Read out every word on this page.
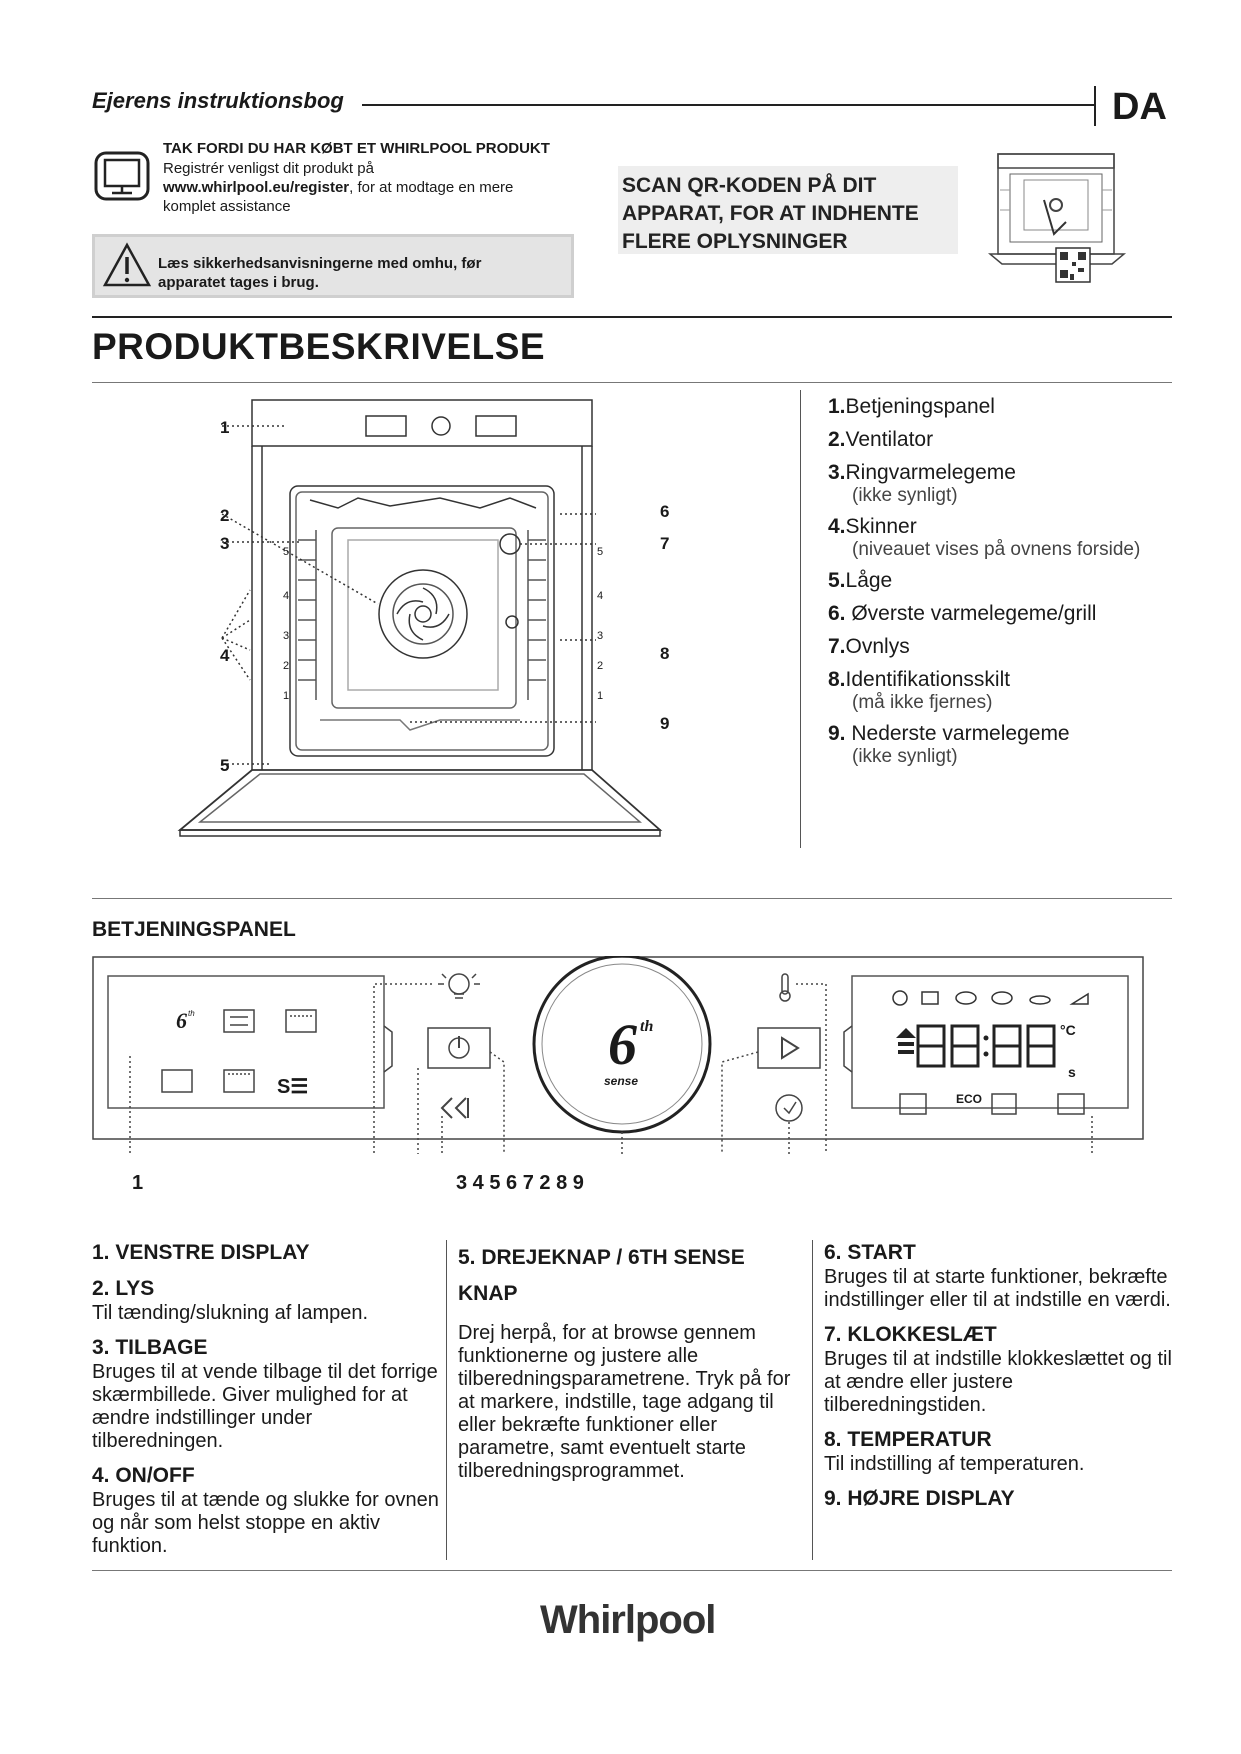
Ejerens instruktionsbog	DA
TAK FORDI DU HAR KØBT ET WHIRLPOOL PRODUKT
Registrér venligst dit produkt på
www.whirlpool.eu/register, for at modtage en mere
komplet assistance
Læs sikkerhedsanvisningerne med omhu, før
apparatet tages i brug.
SCAN QR-KODEN PÅ DIT
APPARAT, FOR AT INDHENTE
FLERE OPLYSNINGER
PRODUKTBESKRIVELSE
1
2
3
4
5
6
7
8
9
5
4
3
2
1
5
4
3
2
1
1.Betjeningspanel
2.Ventilator
3.Ringvarmelegeme
(ikke synligt)
4.Skinner
(niveauet vises på ovnens forside)
5.Låge
6. Øverste varmelegeme/grill
7.Ovnlys
8.Identifikationsskilt
(må ikke fjernes)
9. Nederste varmelegeme
(ikke synligt)
BETJENINGSPANEL
6 th
sense
6 th
S☰
°C
s
ECO
1	3 4 5 6 7 2 8 9
1. VENSTRE DISPLAY
2. LYS
Til tænding/slukning af lampen.
3. TILBAGE
Bruges til at vende tilbage til det forrige skærmbillede. Giver mulighed for at ændre indstillinger under tilberedningen.
4. ON/OFF
Bruges til at tænde og slukke for ovnen og når som helst stoppe en aktiv funktion.
5. DREJEKNAP / 6TH SENSE KNAP
Drej herpå, for at browse gennem funktionerne og justere alle tilberedningsparametrene. Tryk på for at markere, indstille, tage adgang til eller bekræfte funktioner eller parametre, samt eventuelt starte tilberedningsprogrammet.
6. START
Bruges til at starte funktioner, bekræfte indstillinger eller til at indstille en værdi.
7. KLOKKESLÆT
Bruges til at indstille klokkeslættet og til at ændre eller justere tilberedningstiden.
8. TEMPERATUR
Til indstilling af temperaturen.
9. HØJRE DISPLAY
Whirlpool
